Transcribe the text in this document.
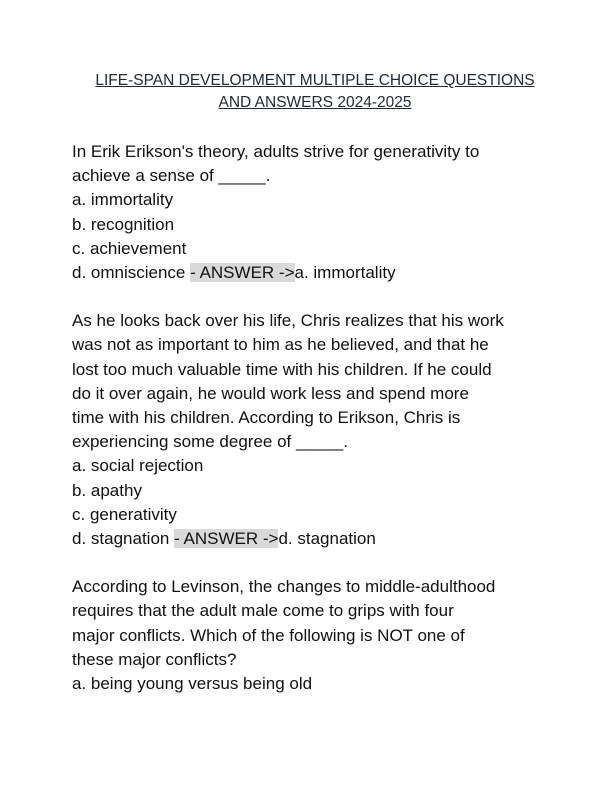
LIFE-SPAN DEVELOPMENT MULTIPLE CHOICE QUESTIONS
AND ANSWERS 2024-2025
In Erik Erikson's theory, adults strive for generativity to
achieve a sense of _____.
a. immortality
b. recognition
c. achievement
d. omniscience - ANSWER ->a. immortality
As he looks back over his life, Chris realizes that his work
was not as important to him as he believed, and that he
lost too much valuable time with his children. If he could
do it over again, he would work less and spend more
time with his children. According to Erikson, Chris is
experiencing some degree of _____.
a. social rejection
b. apathy
c. generativity
d. stagnation - ANSWER ->d. stagnation
According to Levinson, the changes to middle-adulthood
requires that the adult male come to grips with four
major conflicts. Which of the following is NOT one of
these major conflicts?
a. being young versus being old
